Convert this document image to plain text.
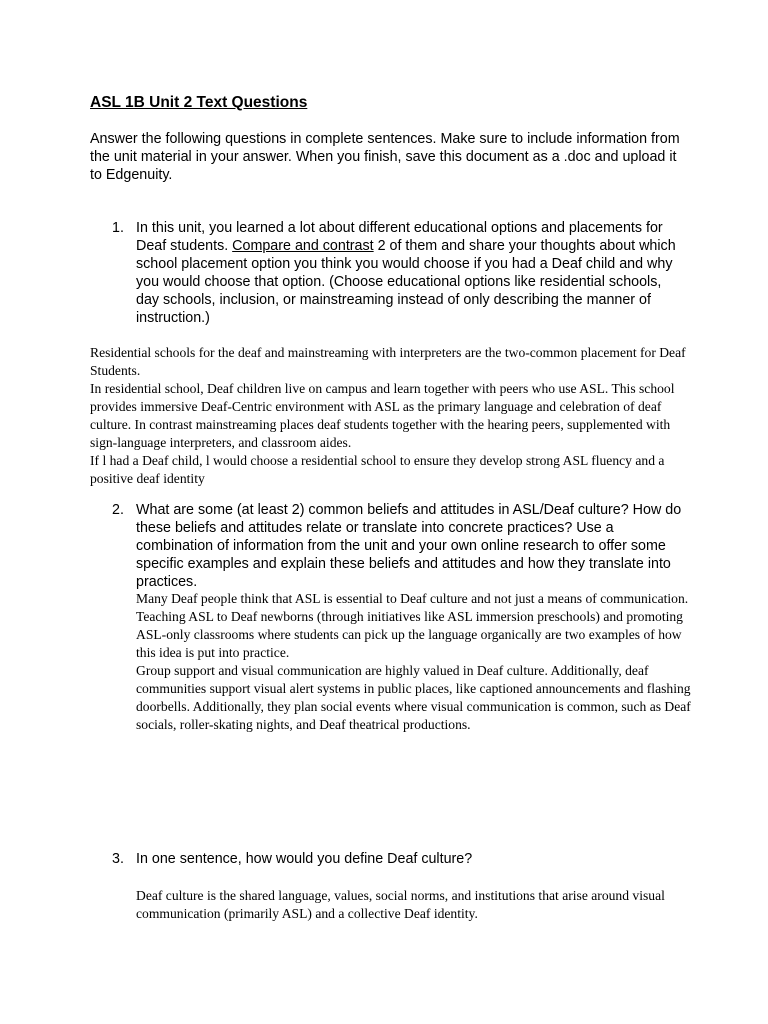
ASL 1B Unit 2 Text Questions

Answer the following questions in complete sentences. Make sure to include information from the unit material in your answer. When you finish, save this document as a .doc and upload it to Edgenuity.

1. In this unit, you learned a lot about different educational options and placements for Deaf students. Compare and contrast 2 of them and share your thoughts about which school placement option you think you would choose if you had a Deaf child and why you would choose that option. (Choose educational options like residential schools, day schools, inclusion, or mainstreaming instead of only describing the manner of instruction.)

Residential schools for the deaf and mainstreaming with interpreters are the two-common placement for Deaf Students.

In residential school, Deaf children live on campus and learn together with peers who use ASL. This school provides immersive Deaf-Centric environment with ASL as the primary language and celebration of deaf culture. In contrast mainstreaming places deaf students together with the hearing peers, supplemented with sign-language interpreters, and classroom aides.

If l had a Deaf child, l would choose a residential school to ensure they develop strong ASL fluency and a positive deaf identity

2. What are some (at least 2) common beliefs and attitudes in ASL/Deaf culture? How do these beliefs and attitudes relate or translate into concrete practices? Use a combination of information from the unit and your own online research to offer some specific examples and explain these beliefs and attitudes and how they translate into practices.

Many Deaf people think that ASL is essential to Deaf culture and not just a means of communication. Teaching ASL to Deaf newborns (through initiatives like ASL immersion preschools) and promoting ASL-only classrooms where students can pick up the language organically are two examples of how this idea is put into practice.

Group support and visual communication are highly valued in Deaf culture. Additionally, deaf communities support visual alert systems in public places, like captioned announcements and flashing doorbells. Additionally, they plan social events where visual communication is common, such as Deaf socials, roller-skating nights, and Deaf theatrical productions.

3. In one sentence, how would you define Deaf culture?

Deaf culture is the shared language, values, social norms, and institutions that arise around visual communication (primarily ASL) and a collective Deaf identity.
